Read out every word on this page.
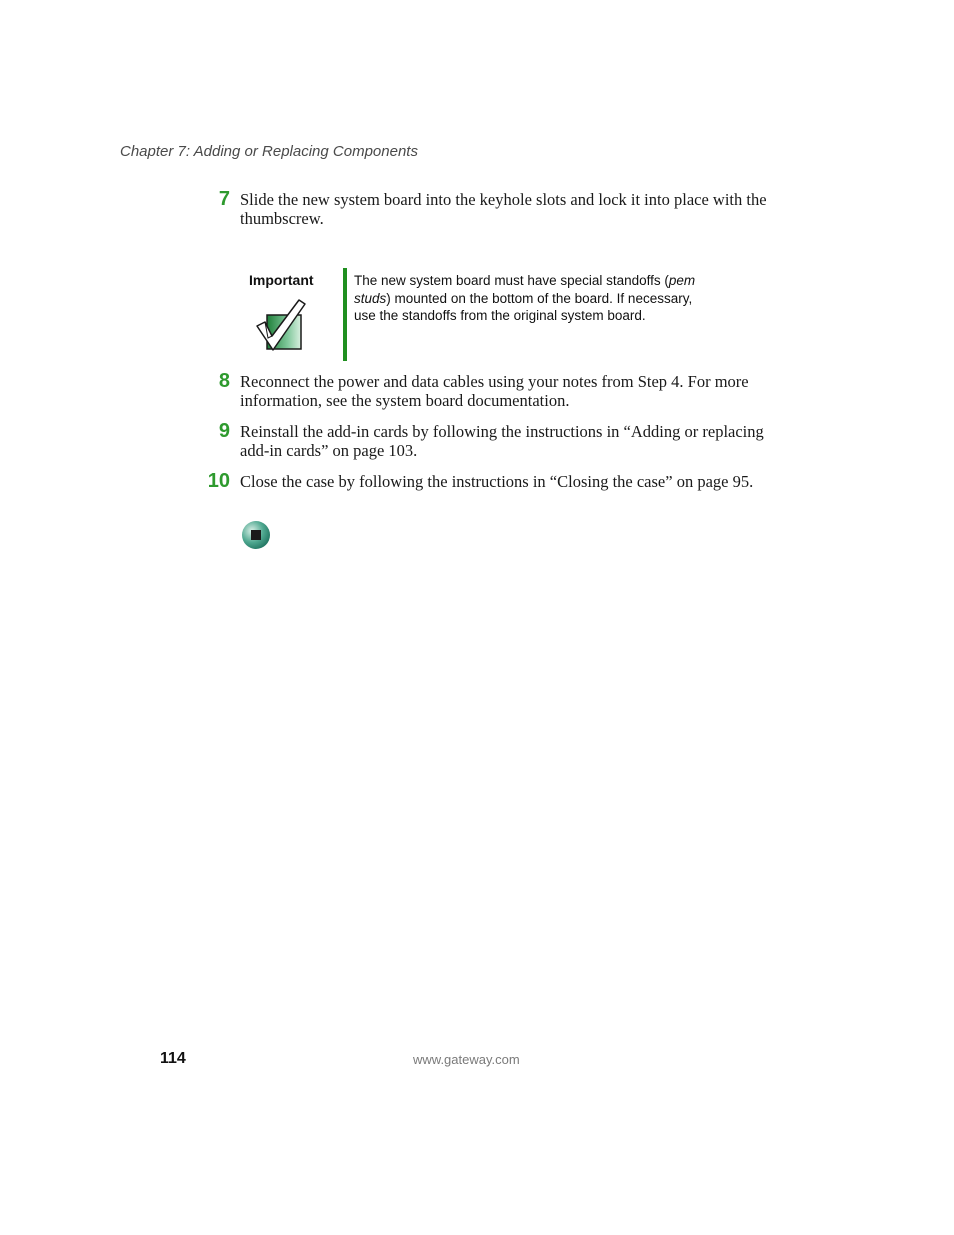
Chapter 7: Adding or Replacing Components
7 Slide the new system board into the keyhole slots and lock it into place with the thumbscrew.
Important	The new system board must have special standoffs (pem studs) mounted on the bottom of the board. If necessary, use the standoffs from the original system board.
8 Reconnect the power and data cables using your notes from Step 4. For more information, see the system board documentation.
9 Reinstall the add-in cards by following the instructions in “Adding or replacing add-in cards” on page 103.
10 Close the case by following the instructions in “Closing the case” on page 95.
114	www.gateway.com
